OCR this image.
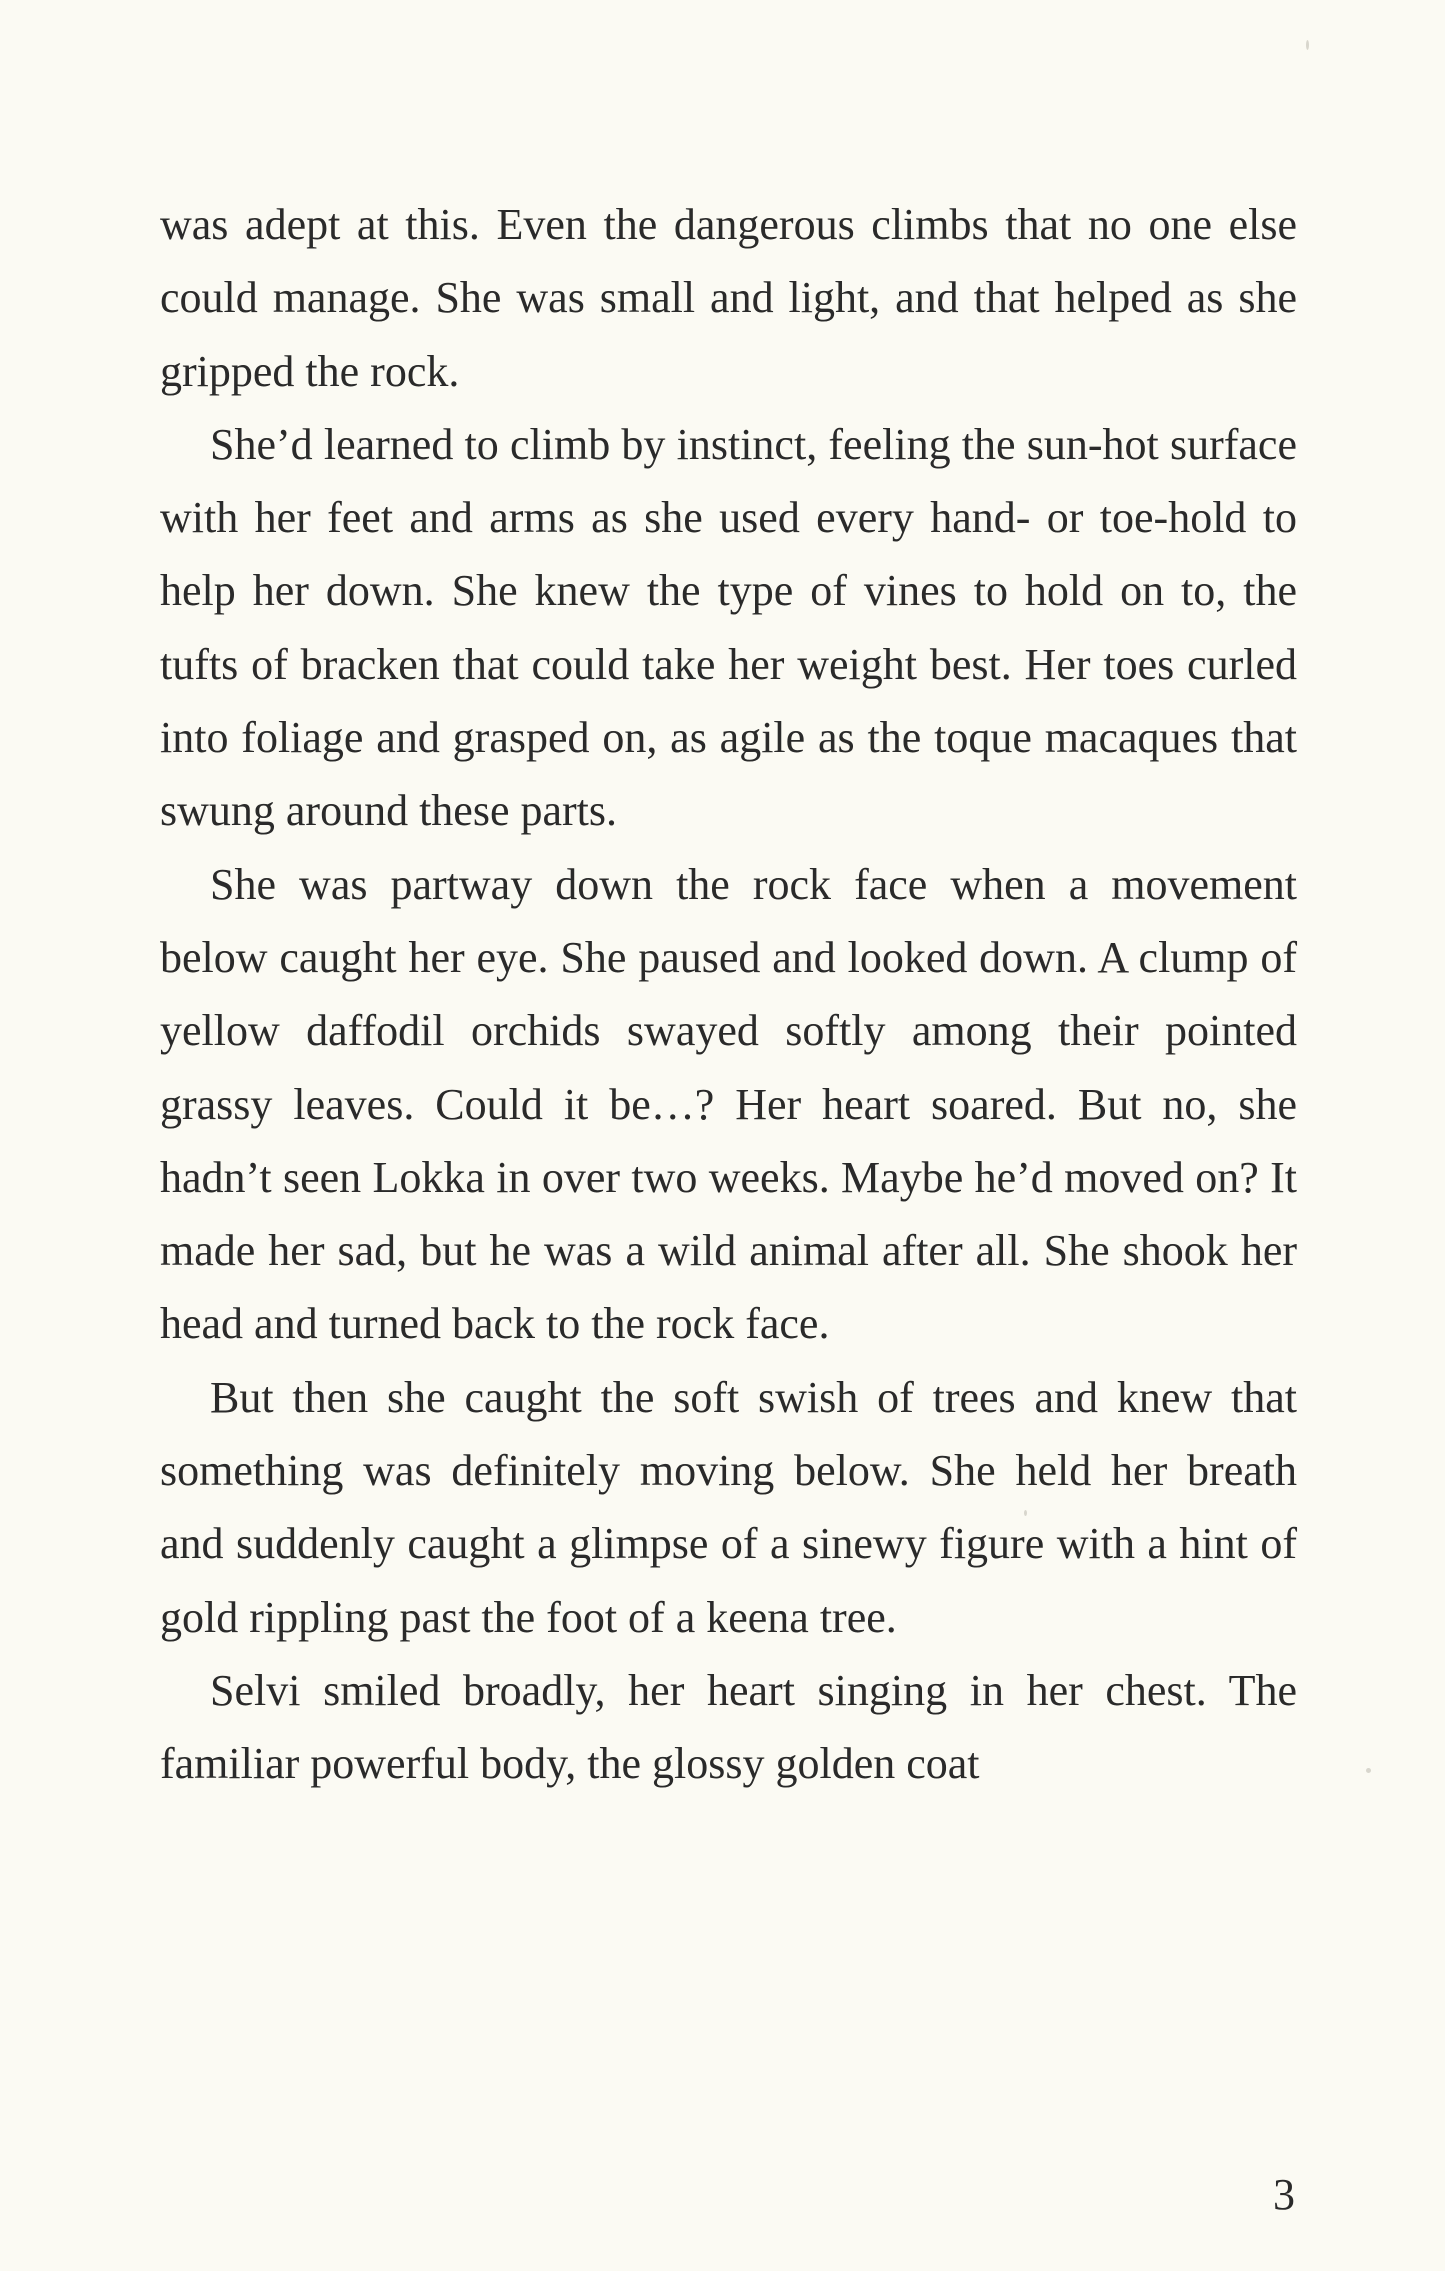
was adept at this. Even the dangerous climbs that no one else could manage. She was small and light, and that helped as she gripped the rock.

She’d learned to climb by instinct, feeling the sun-hot surface with her feet and arms as she used every hand- or toe-hold to help her down. She knew the type of vines to hold on to, the tufts of bracken that could take her weight best. Her toes curled into foliage and grasped on, as agile as the toque macaques that swung around these parts.

She was partway down the rock face when a movement below caught her eye. She paused and looked down. A clump of yellow daffodil orchids swayed softly among their pointed grassy leaves. Could it be…? Her heart soared. But no, she hadn’t seen Lokka in over two weeks. Maybe he’d moved on? It made her sad, but he was a wild animal after all. She shook her head and turned back to the rock face.

But then she caught the soft swish of trees and knew that something was definitely moving below. She held her breath and suddenly caught a glimpse of a sinewy figure with a hint of gold rippling past the foot of a keena tree.

Selvi smiled broadly, her heart singing in her chest. The familiar powerful body, the glossy golden coat

3
